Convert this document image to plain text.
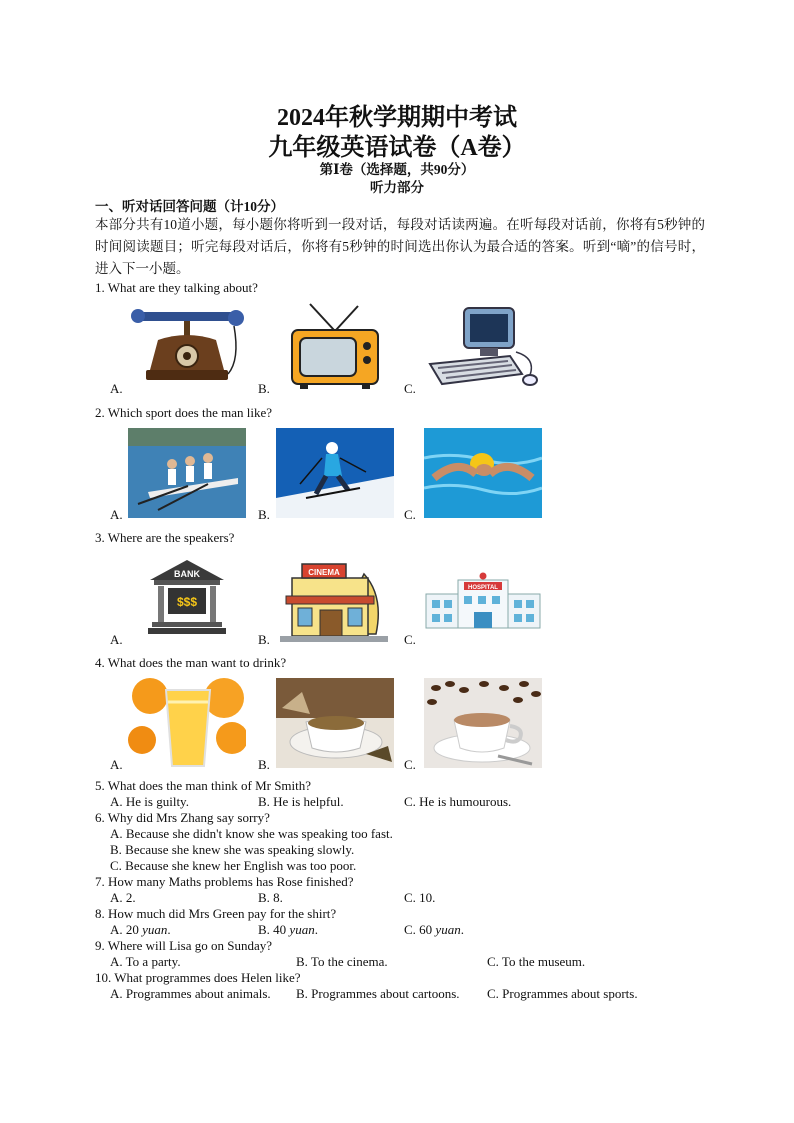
2024年秋学期期中考试
九年级英语试卷（A卷）
第Ⅰ卷（选择题，共90分）
听力部分
一、听对话回答问题（计10分）
本部分共有10道小题，每小题你将听到一段对话，每段对话读两遍。在听每段对话前，你将有5秒钟的时间阅读题目；听完每段对话后，你将有5秒钟的时间选出你认为最合适的答案。听到“嘀”的信号时，进入下一小题。
1. What are they talking about?
A.	B.	C.
2. Which sport does the man like?
A.	B.	C.
3. Where are the speakers?
A.	B.	C.
BANK
$$$
CINEMA
HOSPITAL
4. What does the man want to drink?
A.	B.	C.
5. What does the man think of Mr Smith?
A. He is guilty.	B. He is helpful.	C. He is humourous.
6. Why did Mrs Zhang say sorry?
A. Because she didn't know she was speaking too fast.
B. Because she knew she was speaking slowly.
C. Because she knew her English was too poor.
7. How many Maths problems has Rose finished?
A. 2.	B. 8.	C. 10.
8. How much did Mrs Green pay for the shirt?
A. 20 yuan.	B. 40 yuan.	C. 60 yuan.
9. Where will Lisa go on Sunday?
A. To a party.	B. To the cinema.	C. To the museum.
10. What programmes does Helen like?
A. Programmes about animals. B. Programmes about cartoons. C. Programmes about sports.
